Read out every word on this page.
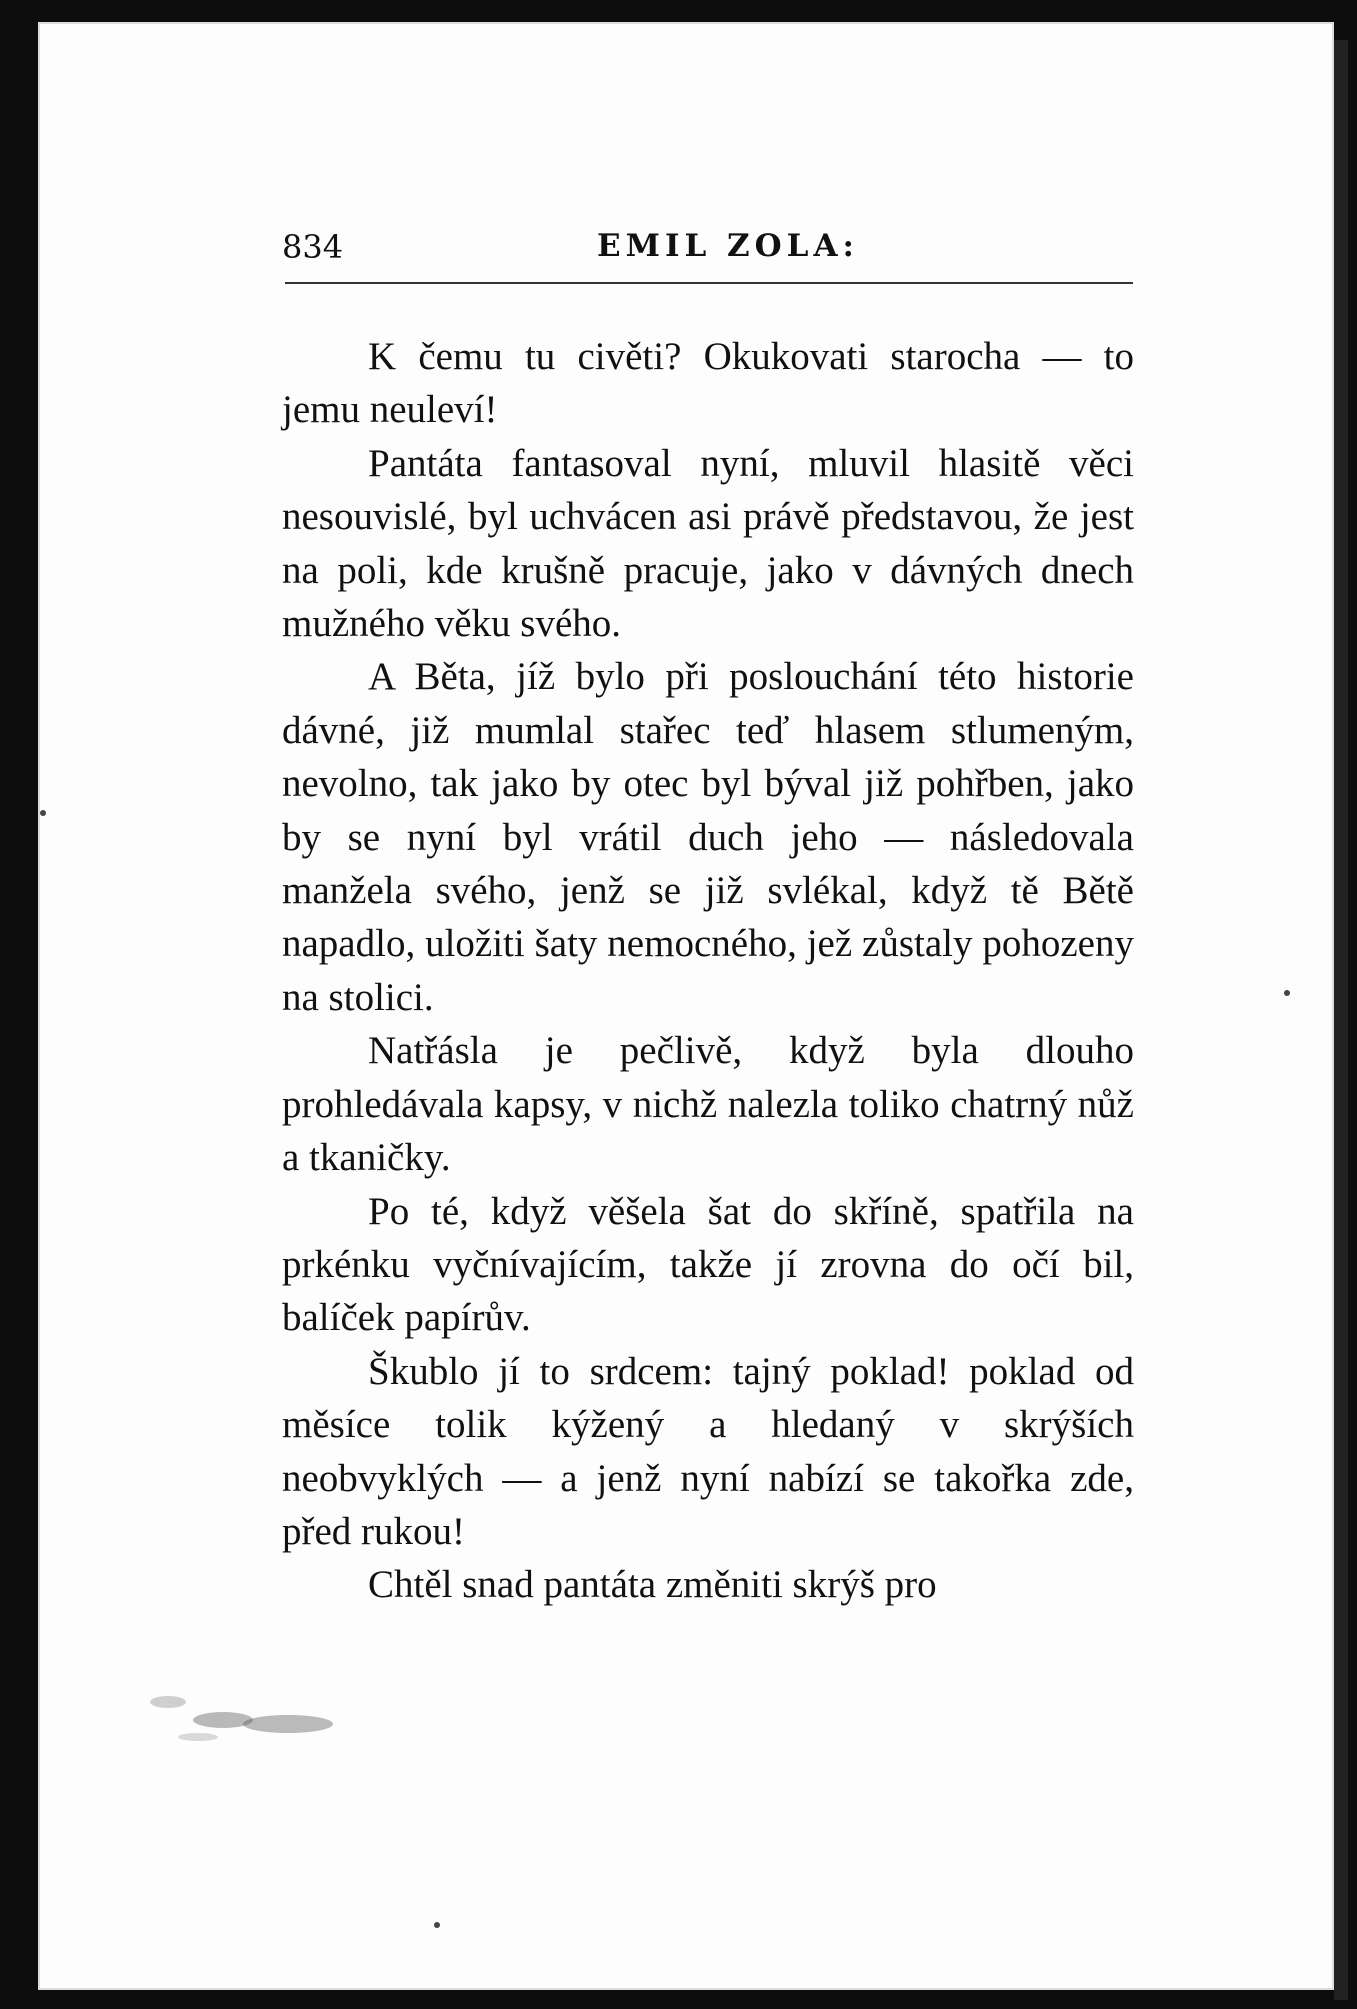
834	EMIL ZOLA:

K čemu tu civěti? Okukovati starocha — to jemu neuleví!

Pantáta fantasoval nyní, mluvil hlasitě věci nesouvislé, byl uchvácen asi právě představou, že jest na poli, kde krušně pracuje, jako v dávných dnech mužného věku svého.

A Běta, jíž bylo při poslouchání této historie dávné, již mumlal stařec teď hlasem stlumeným, nevolno, tak jako by otec byl býval již pohřben, jako by se nyní byl vrátil duch jeho — následovala manžela svého, jenž se již svlékal, když tě Bětě napadlo, uložiti šaty nemocného, jež zůstaly pohozeny na stolici.

Natřásla je pečlivě, když byla dlouho prohledávala kapsy, v nichž nalezla toliko chatrný nůž a tkaničky.

Po té, když věšela šat do skříně, spatřila na prkénku vyčnívajícím, takže jí zrovna do očí bil, balíček papírův.

Škublo jí to srdcem: tajný poklad! poklad od měsíce tolik kýžený a hledaný v skrýších neobvyklých — a jenž nyní nabízí se takořka zde, před rukou!

Chtěl snad pantáta změniti skrýš pro
